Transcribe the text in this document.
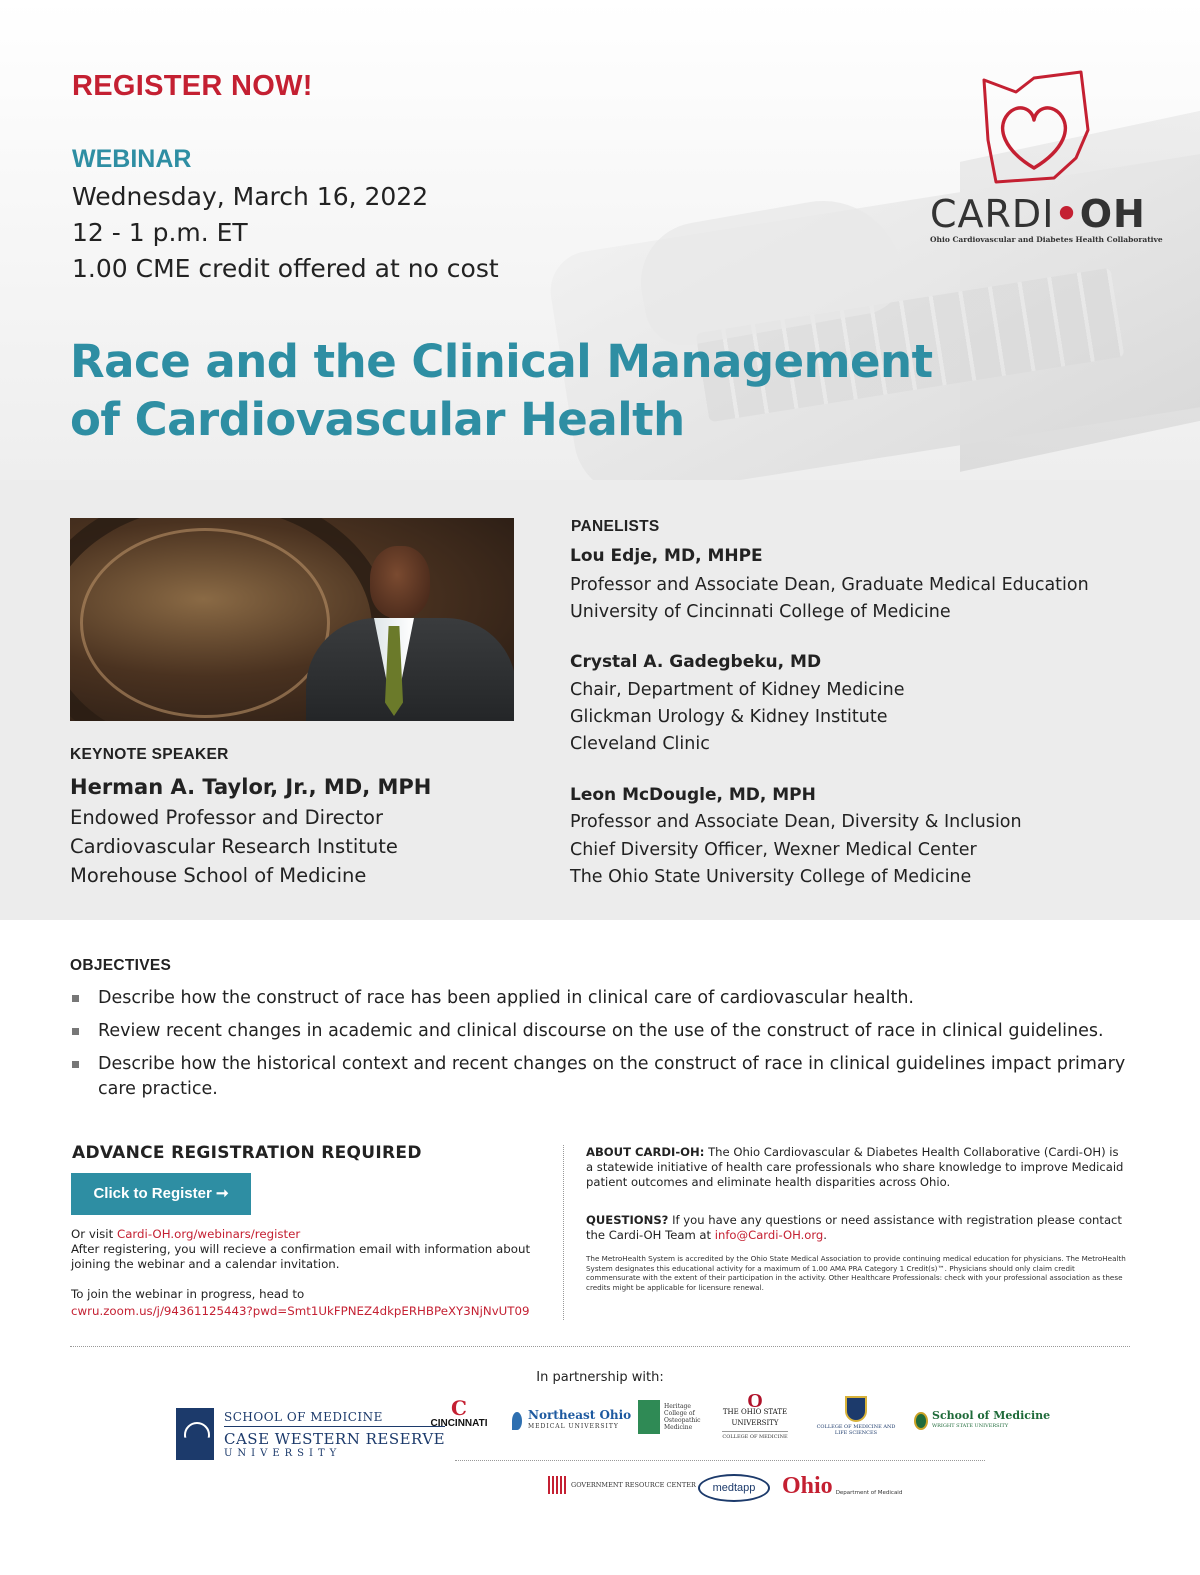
REGISTER NOW!
WEBINAR
Wednesday, March 16, 2022
12 - 1 p.m. ET
1.00 CME credit offered at no cost
CARDI•OH
Ohio Cardiovascular and Diabetes Health Collaborative
Race and the Clinical Management
of Cardiovascular Health
KEYNOTE SPEAKER
Herman A. Taylor, Jr., MD, MPH
Endowed Professor and Director
Cardiovascular Research Institute
Morehouse School of Medicine
PANELISTS
Lou Edje, MD, MHPE
Professor and Associate Dean, Graduate Medical Education
University of Cincinnati College of Medicine
Crystal A. Gadegbeku, MD
Chair, Department of Kidney Medicine
Glickman Urology & Kidney Institute
Cleveland Clinic
Leon McDougle, MD, MPH
Professor and Associate Dean, Diversity & Inclusion
Chief Diversity Officer, Wexner Medical Center
The Ohio State University College of Medicine
OBJECTIVES
Describe how the construct of race has been applied in clinical care of cardiovascular health.
Review recent changes in academic and clinical discourse on the use of the construct of race in clinical guidelines.
Describe how the historical context and recent changes on the construct of race in clinical guidelines impact primary care practice.
ADVANCE REGISTRATION REQUIRED
Click to Register ➞
Or visit Cardi-OH.org/webinars/register
After registering, you will recieve a confirmation email with information about joining the webinar and a calendar invitation.
To join the webinar in progress, head to
cwru.zoom.us/j/94361125443?pwd=Smt1UkFPNEZ4dkpERHBPeXY3NjNvUT09
ABOUT CARDI-OH: The Ohio Cardiovascular & Diabetes Health Collaborative (Cardi-OH) is a statewide initiative of health care professionals who share knowledge to improve Medicaid patient outcomes and eliminate health disparities across Ohio.
QUESTIONS? If you have any questions or need assistance with registration please contact the Cardi-OH Team at info@Cardi-OH.org.
The MetroHealth System is accredited by the Ohio State Medical Association to provide continuing medical education for physicians. The MetroHealth System designates this educational activity for a maximum of 1.00 AMA PRA Category 1 Credit(s)™. Physicians should only claim credit commensurate with the extent of their participation in the activity. Other Healthcare Professionals: check with your professional association as these credits might be applicable for licensure renewal.
In partnership with:
SCHOOL OF MEDICINE
CASE WESTERN RESERVE
UNIVERSITY
C
CINCINNATI
Northeast Ohio
MEDICAL UNIVERSITY
Heritage College of Osteopathic Medicine
O
THE OHIO STATE UNIVERSITY
COLLEGE OF MEDICINE
COLLEGE OF MEDICINE AND LIFE SCIENCES
School of Medicine
WRIGHT STATE UNIVERSITY
GOVERNMENT RESOURCE CENTER	medtapp	Ohio Department of Medicaid
